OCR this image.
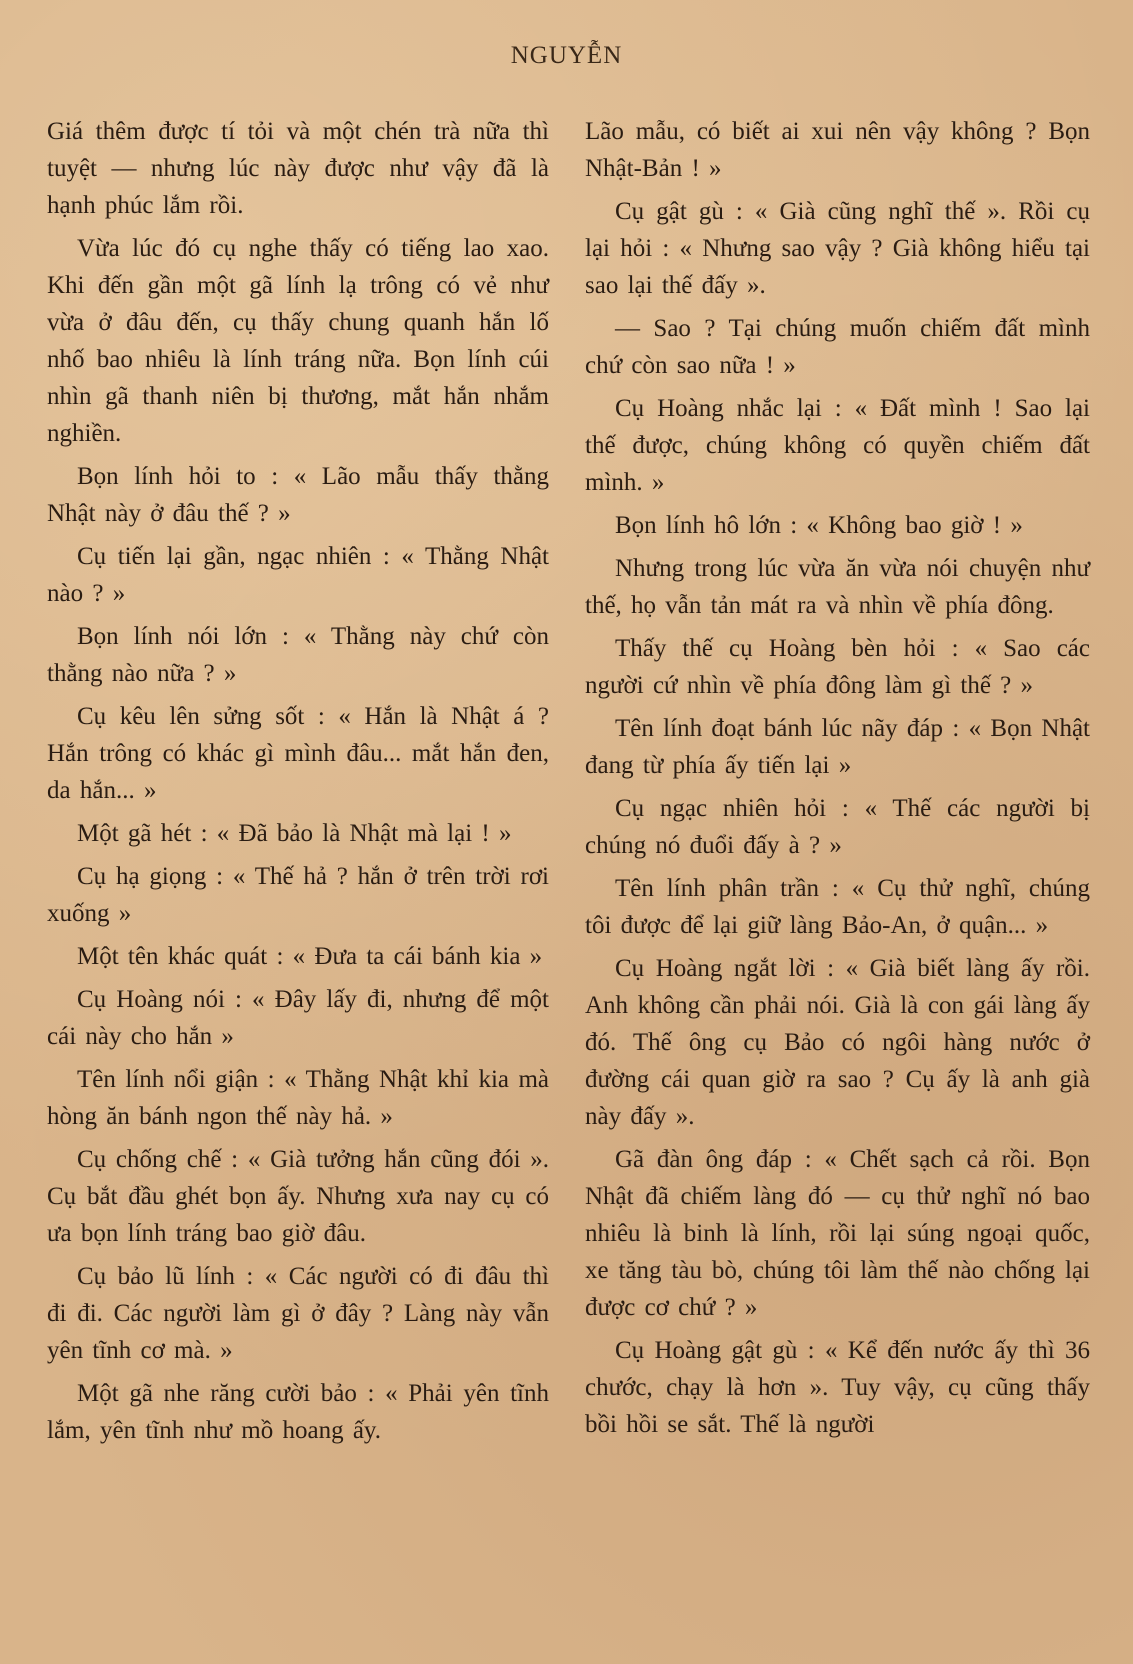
NGUYỄN

Giá thêm được tí tỏi và một chén trà nữa thì tuyệt — nhưng lúc này được như vậy đã là hạnh phúc lắm rồi.

Vừa lúc đó cụ nghe thấy có tiếng lao xao. Khi đến gần một gã lính lạ trông có vẻ như vừa ở đâu đến, cụ thấy chung quanh hắn lố nhố bao nhiêu là lính tráng nữa. Bọn lính cúi nhìn gã thanh niên bị thương, mắt hắn nhắm nghiền.

Bọn lính hỏi to : « Lão mẫu thấy thằng Nhật này ở đâu thế ? »

Cụ tiến lại gần, ngạc nhiên : « Thằng Nhật nào ? »

Bọn lính nói lớn : « Thằng này chứ còn thằng nào nữa ? »

Cụ kêu lên sửng sốt : « Hắn là Nhật á ? Hắn trông có khác gì mình đâu... mắt hắn đen, da hắn... »

Một gã hét : « Đã bảo là Nhật mà lại ! »

Cụ hạ giọng : « Thế hả ? hắn ở trên trời rơi xuống »

Một tên khác quát : « Đưa ta cái bánh kia »

Cụ Hoàng nói : « Đây lấy đi, nhưng để một cái này cho hắn »

Tên lính nổi giận : « Thằng Nhật khỉ kia mà hòng ăn bánh ngon thế này hả. »

Cụ chống chế : « Già tưởng hắn cũng đói ». Cụ bắt đầu ghét bọn ấy. Nhưng xưa nay cụ có ưa bọn lính tráng bao giờ đâu.

Cụ bảo lũ lính : « Các người có đi đâu thì đi đi. Các người làm gì ở đây ? Làng này vẫn yên tĩnh cơ mà. »

Một gã nhe răng cười bảo : « Phải yên tĩnh lắm, yên tĩnh như mồ hoang ấy.

Lão mẫu, có biết ai xui nên vậy không ? Bọn Nhật-Bản ! »

Cụ gật gù : « Già cũng nghĩ thế ». Rồi cụ lại hỏi : « Nhưng sao vậy ? Già không hiểu tại sao lại thế đấy ».

— Sao ? Tại chúng muốn chiếm đất mình chứ còn sao nữa ! »

Cụ Hoàng nhắc lại : « Đất mình ! Sao lại thế được, chúng không có quyền chiếm đất mình. »

Bọn lính hô lớn : « Không bao giờ ! »

Nhưng trong lúc vừa ăn vừa nói chuyện như thế, họ vẫn tản mát ra và nhìn về phía đông.

Thấy thế cụ Hoàng bèn hỏi : « Sao các người cứ nhìn về phía đông làm gì thế ? »

Tên lính đoạt bánh lúc nãy đáp : « Bọn Nhật đang từ phía ấy tiến lại »

Cụ ngạc nhiên hỏi : « Thế các người bị chúng nó đuổi đấy à ? »

Tên lính phân trần : « Cụ thử nghĩ, chúng tôi được để lại giữ làng Bảo-An, ở quận... »

Cụ Hoàng ngắt lời : « Già biết làng ấy rồi. Anh không cần phải nói. Già là con gái làng ấy đó. Thế ông cụ Bảo có ngôi hàng nước ở đường cái quan giờ ra sao ? Cụ ấy là anh già này đấy ».

Gã đàn ông đáp : « Chết sạch cả rồi. Bọn Nhật đã chiếm làng đó — cụ thử nghĩ nó bao nhiêu là binh là lính, rồi lại súng ngoại quốc, xe tăng tàu bò, chúng tôi làm thế nào chống lại được cơ chứ ? »

Cụ Hoàng gật gù : « Kể đến nước ấy thì 36 chước, chạy là hơn ». Tuy vậy, cụ cũng thấy bồi hồi se sắt. Thế là người
